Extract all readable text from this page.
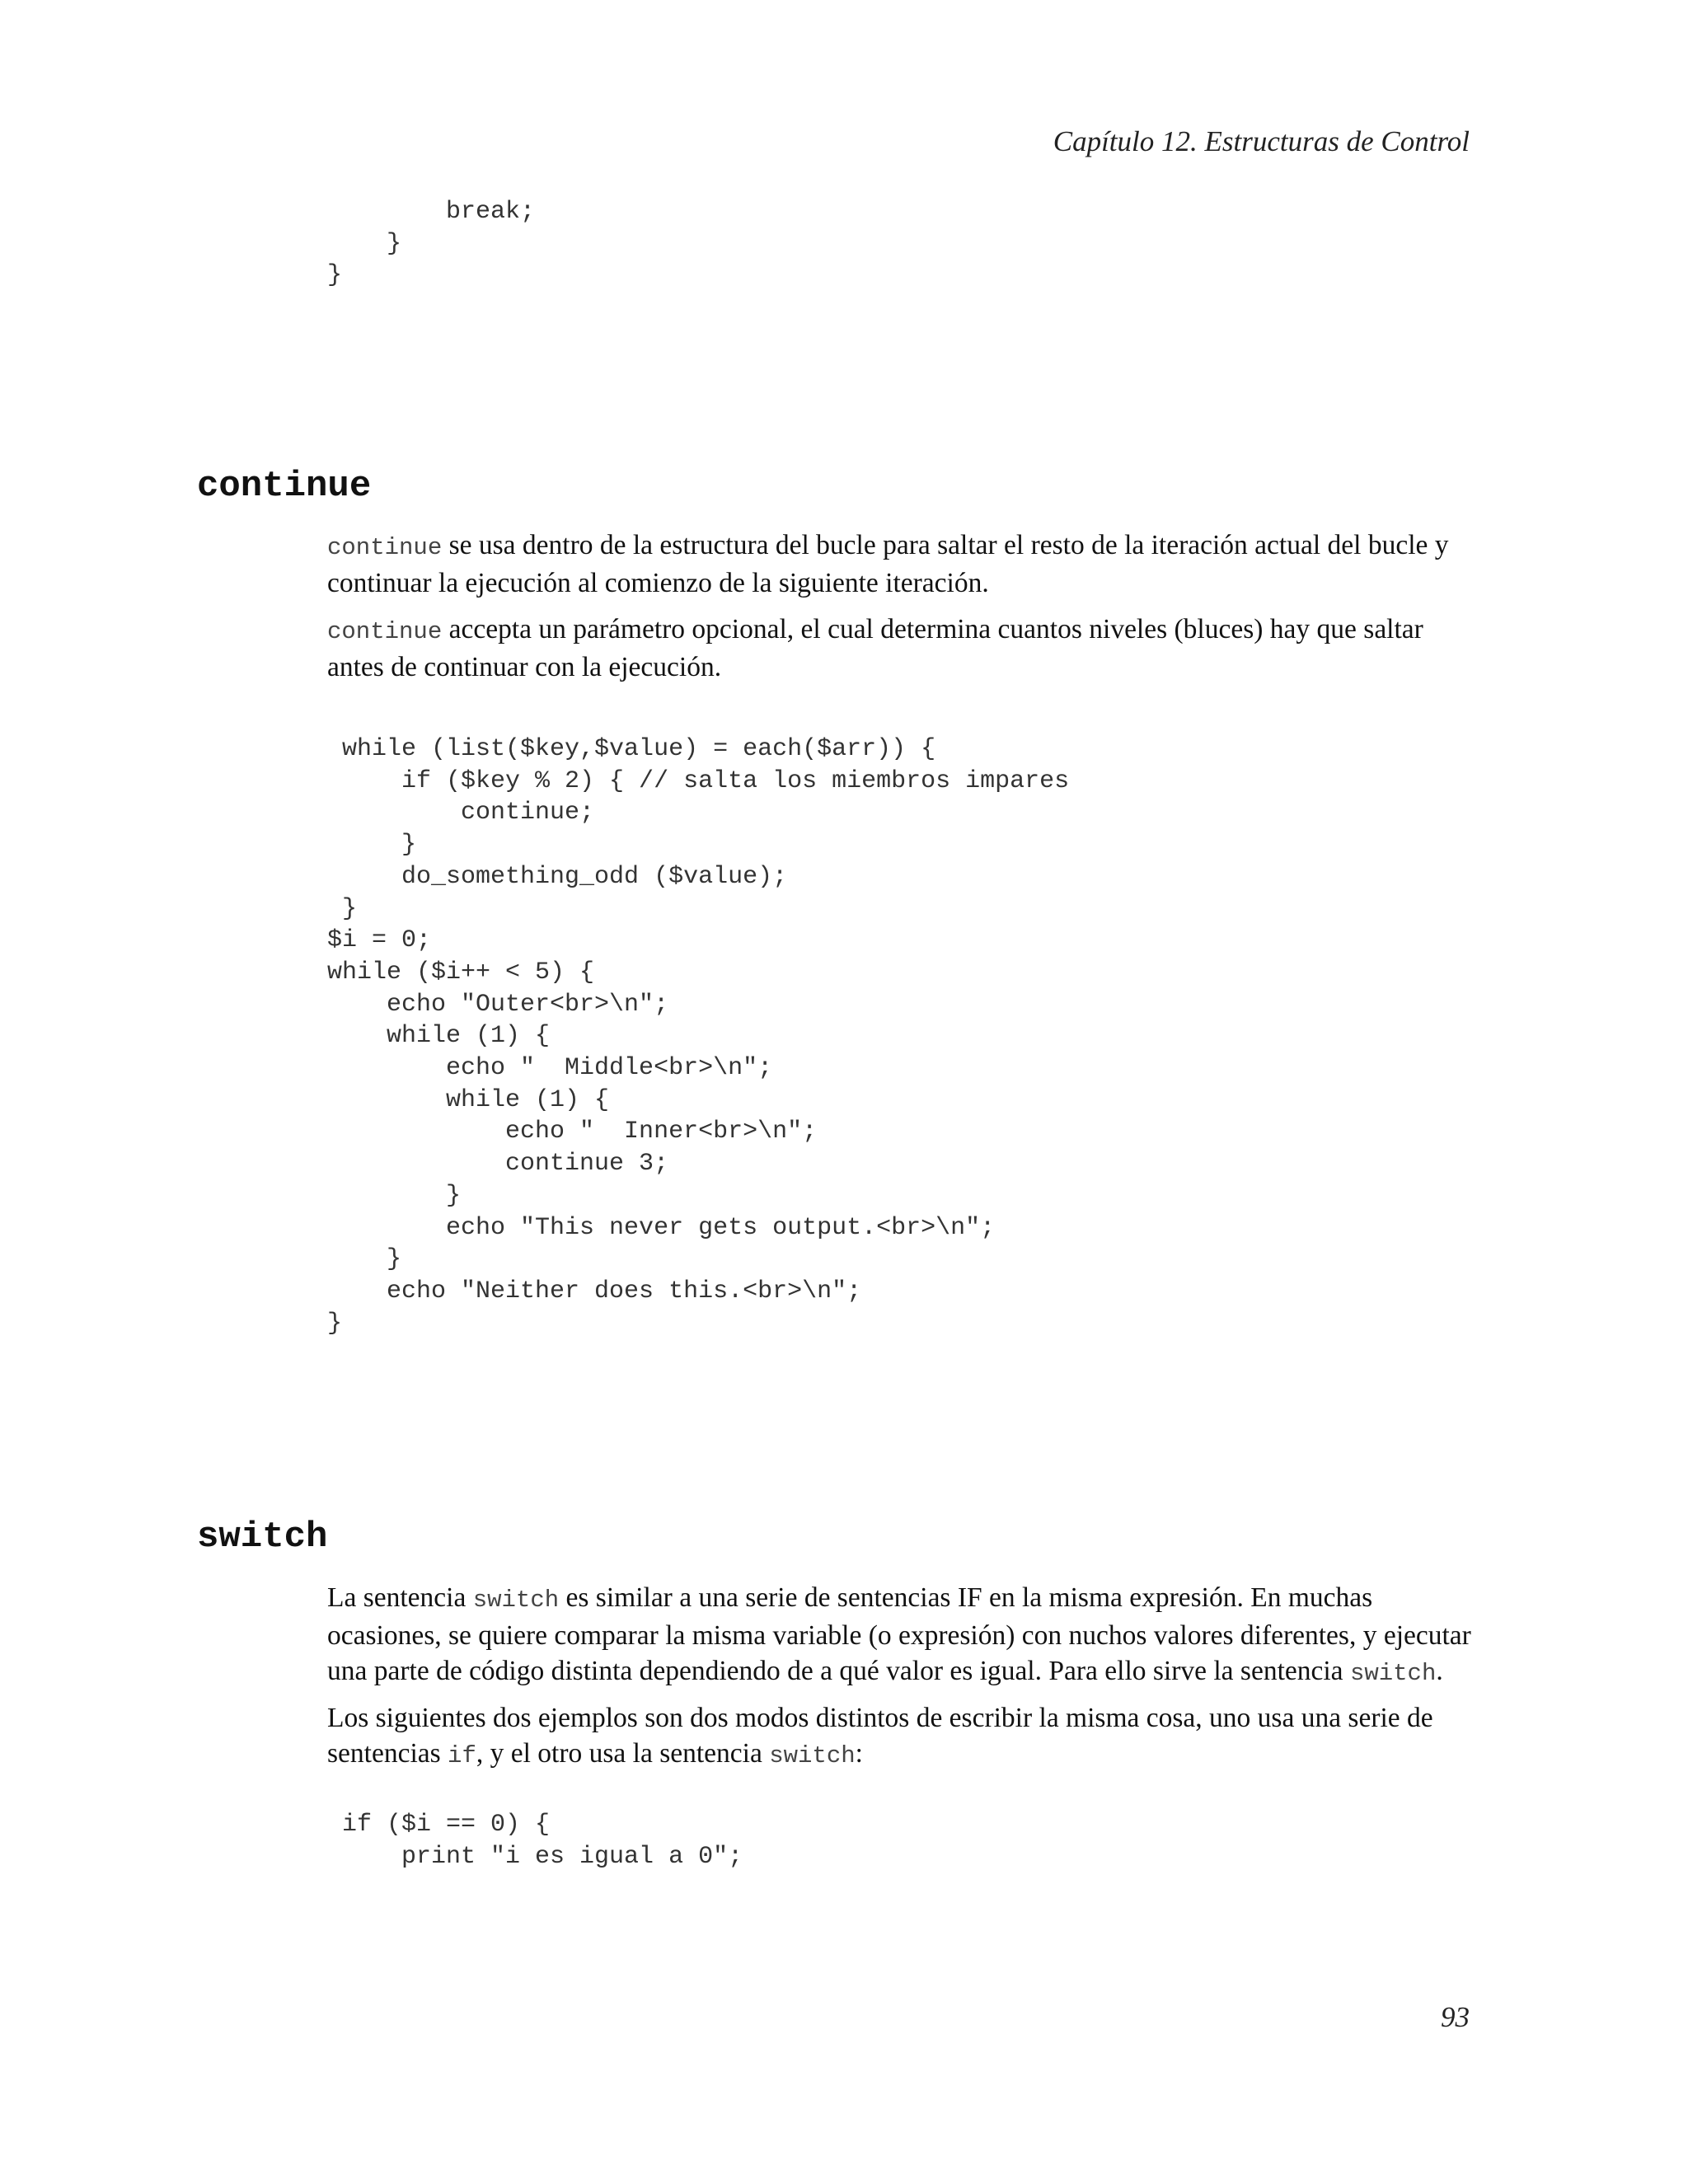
Capítulo 12. Estructuras de Control
break;
}
}
continue

continue se usa dentro de la estructura del bucle para saltar el resto de la iteración actual del bucle y continuar la ejecución al comienzo de la siguiente iteración.

continue accepta un parámetro opcional, el cual determina cuantos niveles (bluces) hay que saltar antes de continuar con la ejecución.

while (list($key,$value) = each($arr)) {
if ($key % 2) { // salta los miembros impares
continue;
}
do_something_odd ($value);
}
$i = 0;
while ($i++ < 5) {
echo "Outer<br>\n";
while (1) {
echo "  Middle<br>\n";
while (1) {
echo "  Inner<br>\n";
continue 3;
}
echo "This never gets output.<br>\n";
}
echo "Neither does this.<br>\n";
}
switch

La sentencia switch es similar a una serie de sentencias IF en la misma expresión. En muchas ocasiones, se quiere comparar la misma variable (o expresión) con nuchos valores diferentes, y ejecutar una parte de código distinta dependiendo de a qué valor es igual. Para ello sirve la sentencia switch.

Los siguientes dos ejemplos son dos modos distintos de escribir la misma cosa, uno usa una serie de sentencias if, y el otro usa la sentencia switch:

if ($i == 0) {
print "i es igual a 0";
93
